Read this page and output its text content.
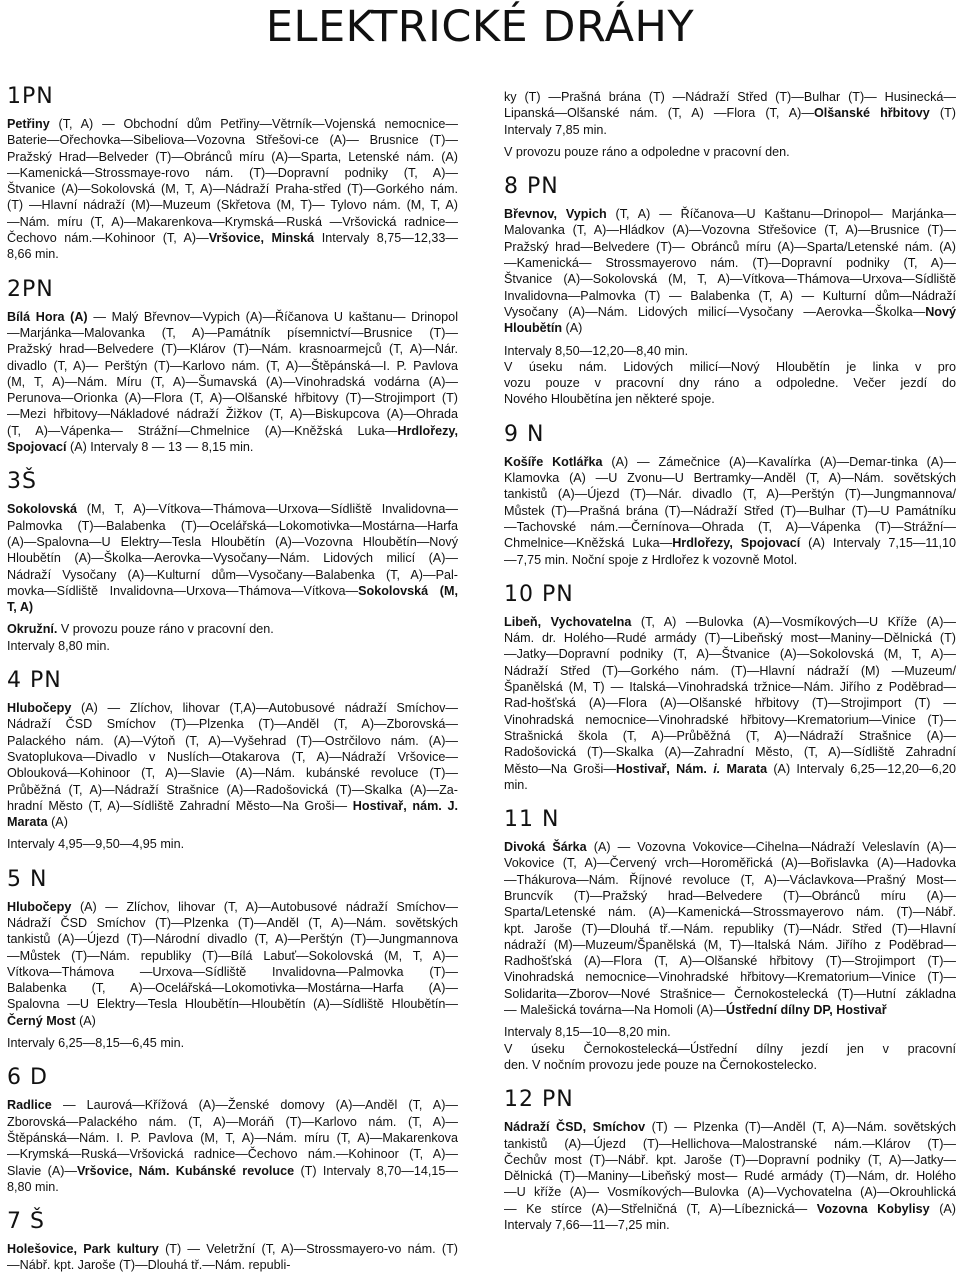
ELEKTRICKÉ DRÁHY
1PN
Petřiny (T, A) — Obchodní dům Petřiny—Větrník—Vojenská nemocnice—
Baterie—Ořechovka—Sibeliova—Vozovna Střešovi-ce (A)— Brusnice (T)—
Pražský Hrad—Belveder (T)—Obránců míru (A)—Sparta, Letenské nám. (A)
—Kamenická—Strossmaye-rovo nám. (T)—Dopravní podniky (T, A)—
Štvanice (A)—Sokolovská (M, T, A)—Nádraží Praha-střed (T)—Gorkého nám.
(T) —Hlavní nádraží (M)—Muzeum (Skřetova (M, T)— Tylovo nám. (M, T, A)
—Nám. míru (T, A)—Makarenkova—Krymská—Ruská —Vršovická radnice—
Čechovo nám.—Kohinoor (T, A)—Vršovice, Minská Intervaly 8,75—12,33—
8,66 min.
2PN
Bílá Hora (A) — Malý Břevnov—Vypich (A)—Říčanova U kaštanu— Drinopol
—Marjánka—Malovanka (T, A)—Památník písemnictví—Brusnice (T)—
Pražský hrad—Belvedere (T)—Klárov (T)—Nám. krasnoarmejců (T, A)—Nár.
divadlo (T, A)— Perštýn (T)—Karlovo nám. (T, A)—Štěpánská—I. P. Pavlova
(M, T, A)—Nám. Míru (T, A)—Šumavská (A)—Vinohradská vodárna (A)—
Perunova—Orionka (A)—Flora (T, A)—Olšanské hřbitovy (T)—Strojimport (T)
—Mezi hřbitovy—Nákladové nádraží Žižkov (T, A)—Biskupcova (A)—Ohrada
(T, A)—Vápenka— Strážní—Chmelnice (A)—Kněžská Luka—Hrdlořezy,
Spojovací (A) Intervaly 8 — 13 — 8,15 min.
3Š
Sokolovská (M, T, A)—Vítkova—Thámova—Urxova—Sídliště Invalidovna—
Palmovka (T)—Balabenka (T)—Ocelářská—Lokomotivka—Mostárna—Harfa
(A)—Spalovna—U Elektry—Tesla Hloubětín (A)—Vozovna Hloubětín—Nový
Hloubětín (A)—Školka—Aerovka—Vysočany—Nám. Lidových milicí (A)—
Nádraží Vysočany (A)—Kulturní dům—Vysočany—Balabenka (T, A)—Pal-
movka—Sídliště Invalidovna—Urxova—Thámova—Vítkova—Sokolovská (M,
T, A)
Okružní. V provozu pouze ráno v pracovní den.
Intervaly 8,80 min.
4 PN
Hlubočepy (A) — Zlíchov, lihovar (T,A)—Autobusové nádraží Smíchov—
Nádraží ČSD Smíchov (T)—Plzenka (T)—Anděl (T, A)—Zborovská—
Palackého nám. (A)—Výtoň (T, A)—Vyšehrad (T)—Ostrčilovo nám. (A)—
Svatoplukova—Divadlo v Nuslích—Otakarova (T, A)—Nádraží Vršovice—
Oblouková—Kohinoor (T, A)—Slavie (A)—Nám. kubánské revoluce (T)—
Průběžná (T, A)—Nádraží Strašnice (A)—Radošovická (T)—Skalka (A)—Za-
hradní Město (T, A)—Sídliště Zahradní Město—Na Groši— Hostivař, nám. J.
Marata (A)
Intervaly 4,95—9,50—4,95 min.
5 N
Hlubočepy (A) — Zlíchov, lihovar (T, A)—Autobusové nádraží Smíchov—
Nádraží ČSD Smíchov (T)—Plzenka (T)—Anděl (T, A)—Nám. sovětských
tankistů (A)—Újezd (T)—Národní divadlo (T, A)—Perštýn (T)—Jungmannova
—Můstek (T)—Nám. republiky (T)—Bílá Labuť—Sokolovská (M, T, A)—
Vítkova—Thámova —Urxova—Sídliště Invalidovna—Palmovka (T)—
Balabenka (T, A)—Ocelářská—Lokomotivka—Mostárna—Harfa (A)—
Spalovna —U Elektry—Tesla Hloubětín—Hloubětín (A)—Sídliště Hloubětín—
Černý Most (A)
Intervaly 6,25—8,15—6,45 min.
6 D
Radlice — Laurová—Křížová (A)—Ženské domovy (A)—Anděl (T, A)—
Zborovská—Palackého nám. (T, A)—Moráň (T)—Karlovo nám. (T, A)—
Štěpánská—Nám. I. P. Pavlova (M, T, A)—Nám. míru (T, A)—Makarenkova
—Krymská—Ruská—Vršovická radnice—Čechovo nám.—Kohinoor (T, A)—
Slavie (A)—Vršovice, Nám. Kubánské revoluce (T) Intervaly 8,70—14,15—
8,80 min.
7 Š
Holešovice, Park kultury (T) — Veletržní (T, A)—Strossmayero-vo nám. (T)
—Nábř. kpt. Jaroše (T)—Dlouhá tř.—Nám. republi-
ky (T) —Prašná brána (T) —Nádraží Střed (T)—Bulhar (T)— Husinecká—
Lipanská—Olšanské nám. (T, A) —Flora (T, A)—Olšanské hřbitovy (T)
Intervaly 7,85 min.
V provozu pouze ráno a odpoledne v pracovní den.
8 PN
Břevnov, Vypich (T, A) — Říčanova—U Kaštanu—Drinopol— Marjánka—
Malovanka (T, A)—Hládkov (A)—Vozovna Střešovice (T, A)—Brusnice (T)—
Pražský hrad—Belvedere (T)— Obránců míru (A)—Sparta/Letenské nám. (A)
—Kamenická— Strossmayerovo nám. (T)—Dopravní podniky (T, A)—
Štvanice (A)—Sokolovská (M, T, A)—Vítkova—Thámova—Urxova—Sídliště
Invalidovna—Palmovka (T) — Balabenka (T, A) — Kulturní dům—Nádraží
Vysočany (A)—Nám. Lidových milicí—Vysočany —Aerovka—Školka—Nový
Hloubětín (A)
Intervaly 8,50—12,20—8,40 min.
V úseku nám. Lidových milicí—Nový Hloubětín je linka v pro
vozu pouze v pracovní dny ráno a odpoledne. Večer jezdí do
Nového Hloubětína jen některé spoje.
9 N
Košíře Kotlářka (A) — Zámečnice (A)—Kavalírka (A)—Demar-tinka (A)—
Klamovka (A) —U Zvonu—U Bertramky—Anděl (T, A)—Nám. sovětských
tankistů (A)—Újezd (T)—Nár. divadlo (T, A)—Perštýn (T)—Jungmannova/
Můstek (T)—Prašná brána (T)—Nádraží Střed (T)—Bulhar (T)—U Památníku
—Tachovské nám.—Černínova—Ohrada (T, A)—Vápenka (T)—Strážní—
Chmelnice—Kněžská Luka—Hrdlořezy, Spojovací (A) Intervaly 7,15—11,10
—7,75 min. Noční spoje z Hrdlořez k vozovně Motol.
10 PN
Libeň, Vychovatelna (T, A) —Bulovka (A)—Vosmíkových—U Kříže (A)—
Nám. dr. Holého—Rudé armády (T)—Libeňský most—Maniny—Dělnická (T)
—Jatky—Dopravní podniky (T, A)—Štvanice (A)—Sokolovská (M, T, A)—
Nádraží Střed (T)—Gorkého nám. (T)—Hlavní nádraží (M) —Muzeum/
Španělská (M, T) — Italská—Vinohradská tržnice—Nám. Jiřího z Poděbrad—
Rad-hošťská (A)—Flora (A)—Olšanské hřbitovy (T)—Strojimport (T) —
Vinohradská nemocnice—Vinohradské hřbitovy—Krematorium—Vinice (T)—
Strašnická škola (T, A)—Průběžná (T, A)—Nádraží Strašnice (A)—
Radošovická (T)—Skalka (A)—Zahradní Město, (T, A)—Sídliště Zahradní
Město—Na Groši—Hostivař, Nám. i. Marata (A) Intervaly 6,25—12,20—6,20
min.
11 N
Divoká Šárka (A) — Vozovna Vokovice—Cihelna—Nádraží Veleslavín (A)—
Vokovice (T, A)—Červený vrch—Horoměřická (A)—Bořislavka (A)—Hadovka
—Thákurova—Nám. Říjnové revoluce (T, A)—Václavkova—Prašný Most—
Bruncvík (T)—Pražský hrad—Belvedere (T)—Obránců míru (A)—
Sparta/Letenské nám. (A)—Kamenická—Strossmayerovo nám. (T)—Nábř.
kpt. Jaroše (T)—Dlouhá tř.—Nám. republiky (T)—Nádr. Střed (T)—Hlavní
nádraží (M)—Muzeum/Španělská (M, T)—Italská Nám. Jiřího z Poděbrad—
Radhošťská (A)—Flora (T, A)—Olšanské hřbitovy (T)—Strojimport (T)—
Vinohradská nemocnice—Vinohradské hřbitovy—Krematorium—Vinice (T)—
Solidarita—Zborov—Nové Strašnice— Černokostelecká (T)—Hutní základna
— Malešická továrna—Na Homoli (A)—Ústřední dílny DP, Hostivař
Intervaly 8,15—10—8,20 min.
V úseku Černokostelecká—Ústřední dílny jezdí jen v pracovní
den. V nočním provozu jede pouze na Černokostelecko.
12 PN
Nádraží ČSD, Smíchov (T) — Plzenka (T)—Anděl (T, A)—Nám. sovětských
tankistů (A)—Újezd (T)—Hellichova—Malostranské nám.—Klárov (T)—
Čechův most (T)—Nábř. kpt. Jaroše (T)—Dopravní podniky (T, A)—Jatky—
Dělnická (T)—Maniny—Libeňský most— Rudé armády (T)—Nám, dr. Holého
—U kříže (A)— Vosmíkových—Bulovka (A)—Vychovatelna (A)—Okrouhlická
— Ke stírce (A)—Střelničná (T, A)—Líbeznická— Vozovna Kobylisy (A)
Intervaly 7,66—11—7,25 min.
